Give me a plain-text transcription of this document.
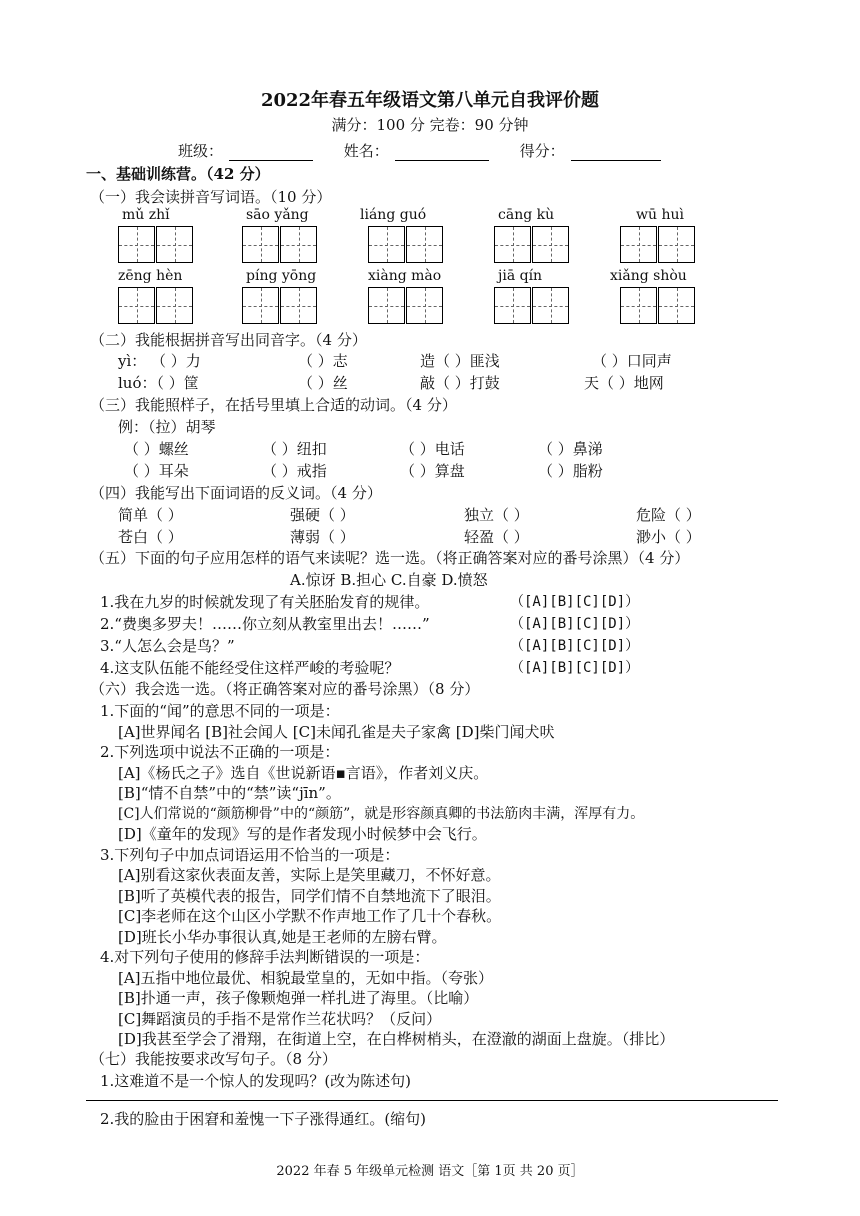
2022年春五年级语文第八单元自我评价题
满分：100 分 完卷：90 分钟
班级：	姓名：	得分：
一、基础训练营。（42 分）
（一）我会读拼音写词语。（10 分）
mǔ zhǐ	sāo yǎng	liáng guó	cāng kù	wū huì
zēng hèn	píng yōng	xiàng mào	jiā qín	xiǎng shòu
（二）我能根据拼音写出同音字。（4 分）
yì： （ ）力	（ ）志	造（ ）匪浅	（ ）口同声
luó：（ ）筐	（ ）丝	敲（ ）打鼓	天（ ）地网
（三）我能照样子，在括号里填上合适的动词。（4 分）
例：（拉）胡琴
（ ）螺丝	（ ）纽扣	（ ）电话	（ ）鼻涕
（ ）耳朵	（ ）戒指	（ ）算盘	（ ）脂粉
（四）我能写出下面词语的反义词。（4 分）
简单（ ）	强硬（ ）	独立（ ）	危险（ ）
苍白（ ）	薄弱（ ）	轻盈（ ）	渺小（ ）
（五）下面的句子应用怎样的语气来读呢？选一选。（将正确答案对应的番号涂黑）（4 分）
A.惊讶 B.担心 C.自豪 D.愤怒
1.我在九岁的时候就发现了有关胚胎发育的规律。	（[A][B][C][D]）
2.“费奥多罗夫！……你立刻从教室里出去！……”	（[A][B][C][D]）
3.“人怎么会是鸟？”	（[A][B][C][D]）
4.这支队伍能不能经受住这样严峻的考验呢？	（[A][B][C][D]）
（六）我会选一选。（将正确答案对应的番号涂黑）（8 分）
1.下面的“闻”的意思不同的一项是：
[A]世界闻名 [B]社会闻人 [C]未闻孔雀是夫子家禽 [D]柴门闻犬吠
2.下列选项中说法不正确的一项是：
[A]《杨氏之子》选自《世说新语▪言语》，作者刘义庆。
[B]“情不自禁”中的“禁”读“jīn”。
[C]人们常说的“颜筋柳骨”中的“颜筋”，就是形容颜真卿的书法筋肉丰满，浑厚有力。
[D]《童年的发现》写的是作者发现小时候梦中会飞行。
3.下列句子中加点词语运用不恰当的一项是：
[A]别看这家伙表面友善，实际上是笑里藏刀，不怀好意。
[B]听了英模代表的报告，同学们情不自禁地流下了眼泪。
[C]李老师在这个山区小学默不作声地工作了几十个春秋。
[D]班长小华办事很认真,她是王老师的左膀右臂。
4.对下列句子使用的修辞手法判断错误的一项是：
[A]五指中地位最优、相貌最堂皇的，无如中指。（夸张）
[B]扑通一声，孩子像颗炮弹一样扎进了海里。（比喻）
[C]舞蹈演员的手指不是常作兰花状吗？（反问）
[D]我甚至学会了滑翔，在街道上空，在白桦树梢头，在澄澈的湖面上盘旋。（排比）
（七）我能按要求改写句子。（8 分）
1.这难道不是一个惊人的发现吗？(改为陈述句)
2.我的脸由于困窘和羞愧一下子涨得通红。(缩句)
2022 年春 5 年级单元检测 语文［第 1页 共 20 页］
